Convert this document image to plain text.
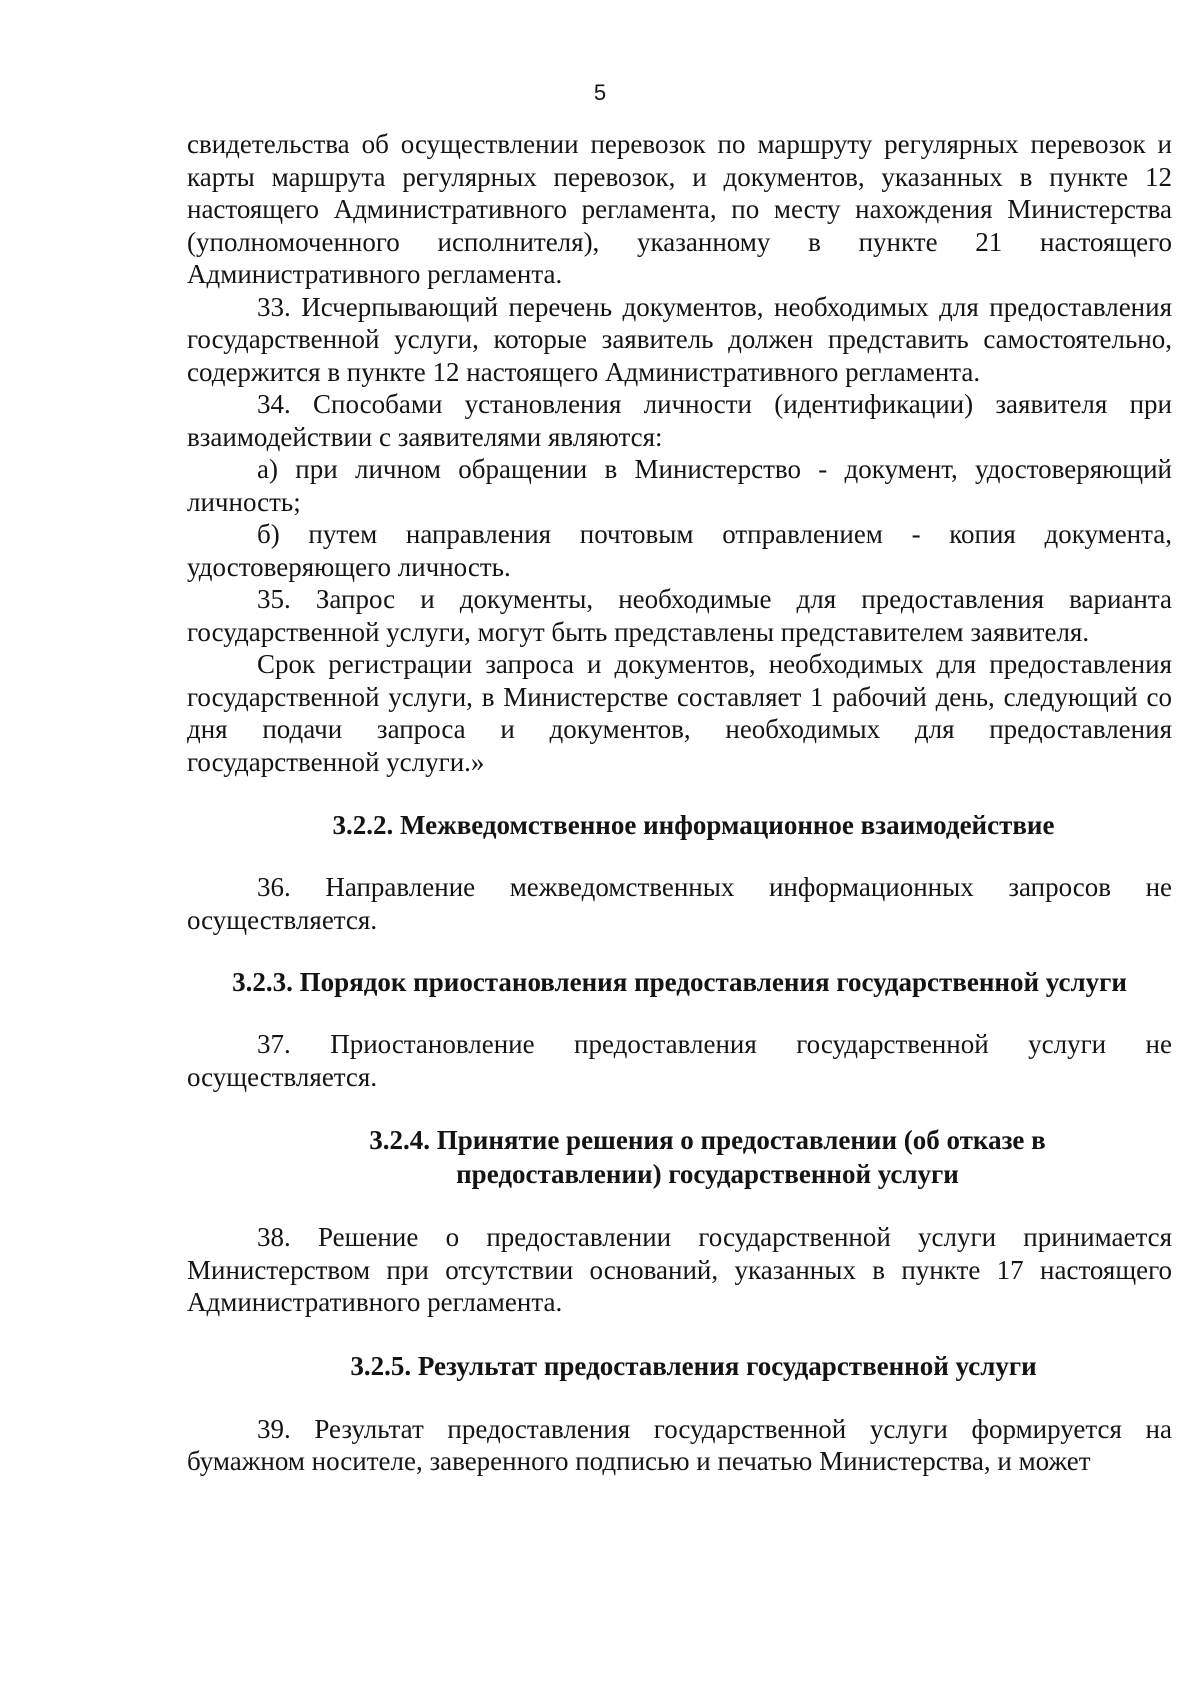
5

свидетельства об осуществлении перевозок по маршруту регулярных перевозок и карты маршрута регулярных перевозок, и документов, указанных в пункте 12 настоящего Административного регламента, по месту нахождения Министерства (уполномоченного исполнителя), указанному в пункте 21 настоящего Административного регламента.

33. Исчерпывающий перечень документов, необходимых для предоставления государственной услуги, которые заявитель должен представить самостоятельно, содержится в пункте 12 настоящего Административного регламента.

34. Способами установления личности (идентификации) заявителя при взаимодействии с заявителями являются:

а) при личном обращении в Министерство - документ, удостоверяющий личность;

б) путем направления почтовым отправлением - копия документа, удостоверяющего личность.

35. Запрос и документы, необходимые для предоставления варианта государственной услуги, могут быть представлены представителем заявителя.

Срок регистрации запроса и документов, необходимых для предоставления государственной услуги, в Министерстве составляет 1 рабочий день, следующий со дня подачи запроса и документов, необходимых для предоставления государственной услуги.»

3.2.2. Межведомственное информационное взаимодействие

36. Направление межведомственных информационных запросов не осуществляется.

3.2.3. Порядок приостановления предоставления государственной услуги

37. Приостановление предоставления государственной услуги не осуществляется.

3.2.4. Принятие решения о предоставлении (об отказе в
предоставлении) государственной услуги

38. Решение о предоставлении государственной услуги принимается Министерством при отсутствии оснований, указанных в пункте 17 настоящего Административного регламента.

3.2.5. Результат предоставления государственной услуги

39. Результат предоставления государственной услуги формируется на бумажном носителе, заверенного подписью и печатью Министерства, и может
